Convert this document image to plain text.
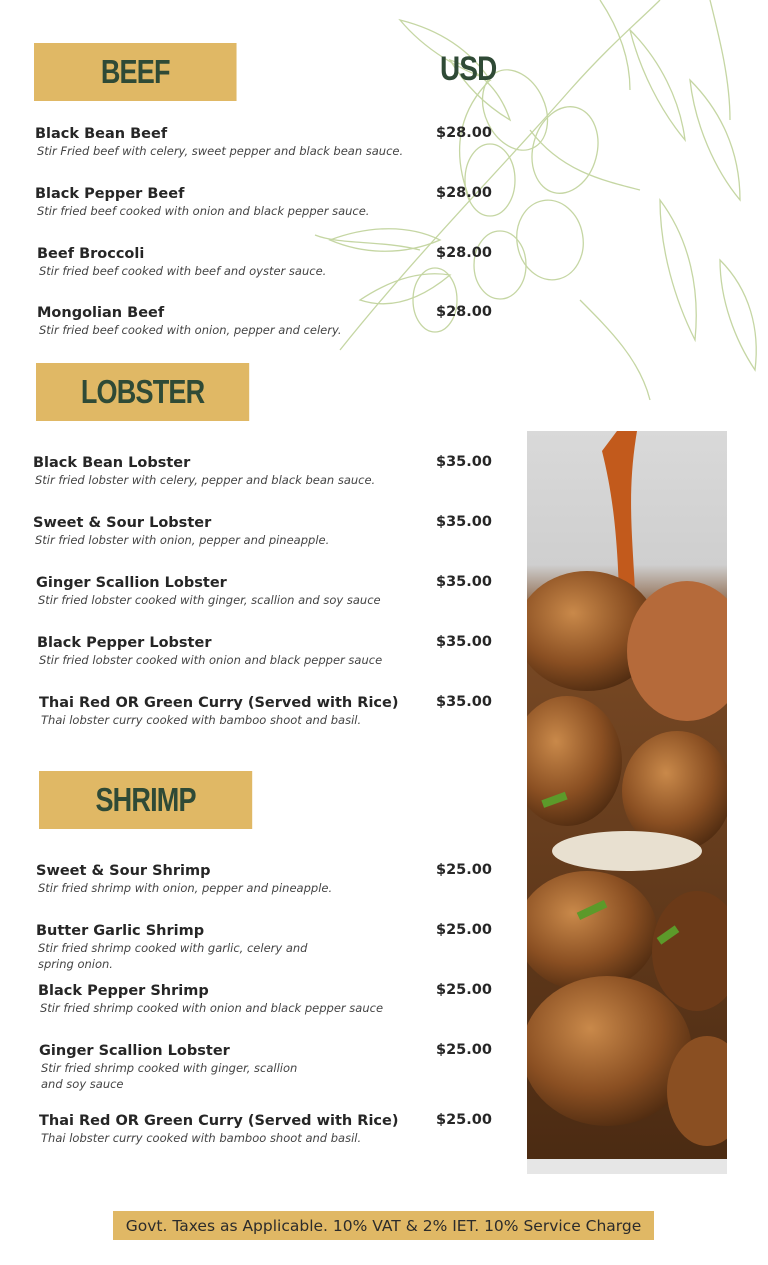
BEEF	USD
Black Bean Beef
Stir Fried beef with celery, sweet pepper and black bean sauce.
$28.00
Black Pepper Beef
Stir fried beef cooked with onion and black pepper sauce.
$28.00
Beef Broccoli
Stir fried beef cooked with beef and oyster sauce.
$28.00
Mongolian Beef
Stir fried beef cooked with onion, pepper and celery.
$28.00
LOBSTER
Black Bean Lobster
Stir fried lobster with celery, pepper and black bean sauce.
$35.00
Sweet & Sour Lobster
Stir fried lobster with onion, pepper and pineapple.
$35.00
Ginger Scallion Lobster
Stir fried lobster cooked with ginger, scallion and soy sauce
$35.00
Black Pepper Lobster
Stir fried lobster cooked with onion and black pepper sauce
$35.00
Thai Red OR Green Curry (Served with Rice)
Thai lobster curry cooked with bamboo shoot and basil.
$35.00
SHRIMP
Sweet & Sour Shrimp
Stir fried shrimp with onion, pepper and pineapple.
$25.00
Butter Garlic Shrimp
Stir fried shrimp cooked with garlic, celery and spring onion.
$25.00
Black Pepper Shrimp
Stir fried shrimp cooked with onion and black pepper sauce
$25.00
Ginger Scallion Lobster
Stir fried shrimp cooked with ginger, scallion and soy sauce
$25.00
Thai Red OR Green Curry (Served with Rice)
Thai lobster curry cooked with bamboo shoot and basil.
$25.00
Govt. Taxes as Applicable. 10% VAT & 2% IET. 10% Service Charge
